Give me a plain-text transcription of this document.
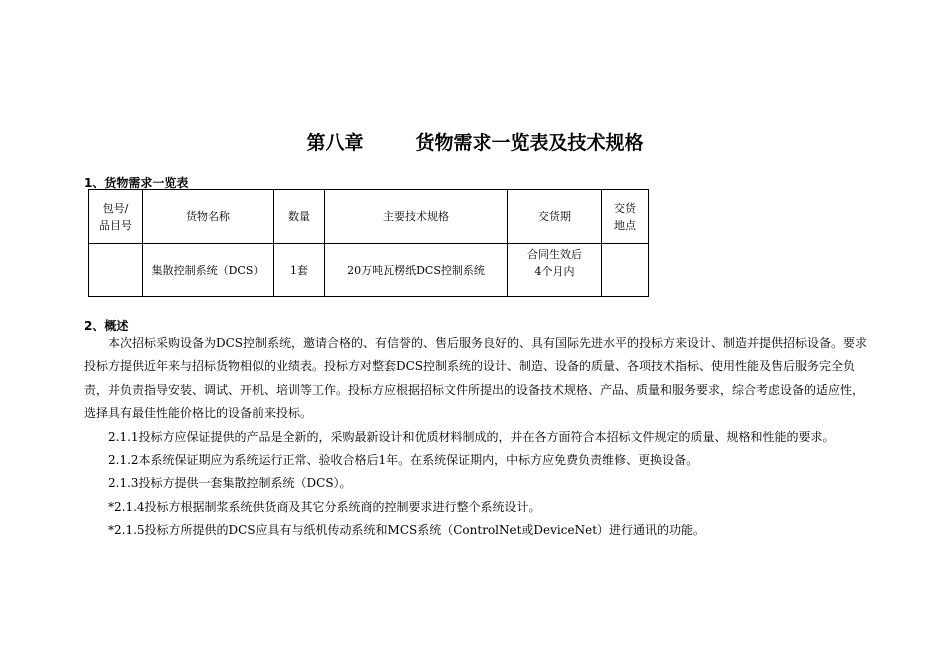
第八章	货物需求一览表及技术规格
1、货物需求一览表
包号/
品目号	货物名称	数量	主要技术规格	交货期	交货
地点
	集散控制系统（DCS）	1套	20万吨瓦楞纸DCS控制系统	合同生效后
4个月内	
2、概述

本次招标采购设备为DCS控制系统，邀请合格的、有信誉的、售后服务良好的、具有国际先进水平的投标方来设计、制造并提供招标设备。要求投标方提供近年来与招标货物相似的业绩表。投标方对整套DCS控制系统的设计、制造、设备的质量、各项技术指标、使用性能及售后服务完全负责，并负责指导安装、调试、开机、培训等工作。投标方应根据招标文件所提出的设备技术规格、产品、质量和服务要求，综合考虑设备的适应性，选择具有最佳性能价格比的设备前来投标。

2.1.1投标方应保证提供的产品是全新的，采购最新设计和优质材料制成的，并在各方面符合本招标文件规定的质量、规格和性能的要求。

2.1.2本系统保证期应为系统运行正常、验收合格后1年。在系统保证期内，中标方应免费负责维修、更换设备。

2.1.3投标方提供一套集散控制系统（DCS）。

*2.1.4投标方根据制浆系统供货商及其它分系统商的控制要求进行整个系统设计。

*2.1.5投标方所提供的DCS应具有与纸机传动系统和MCS系统（ControlNet或DeviceNet）进行通讯的功能。
